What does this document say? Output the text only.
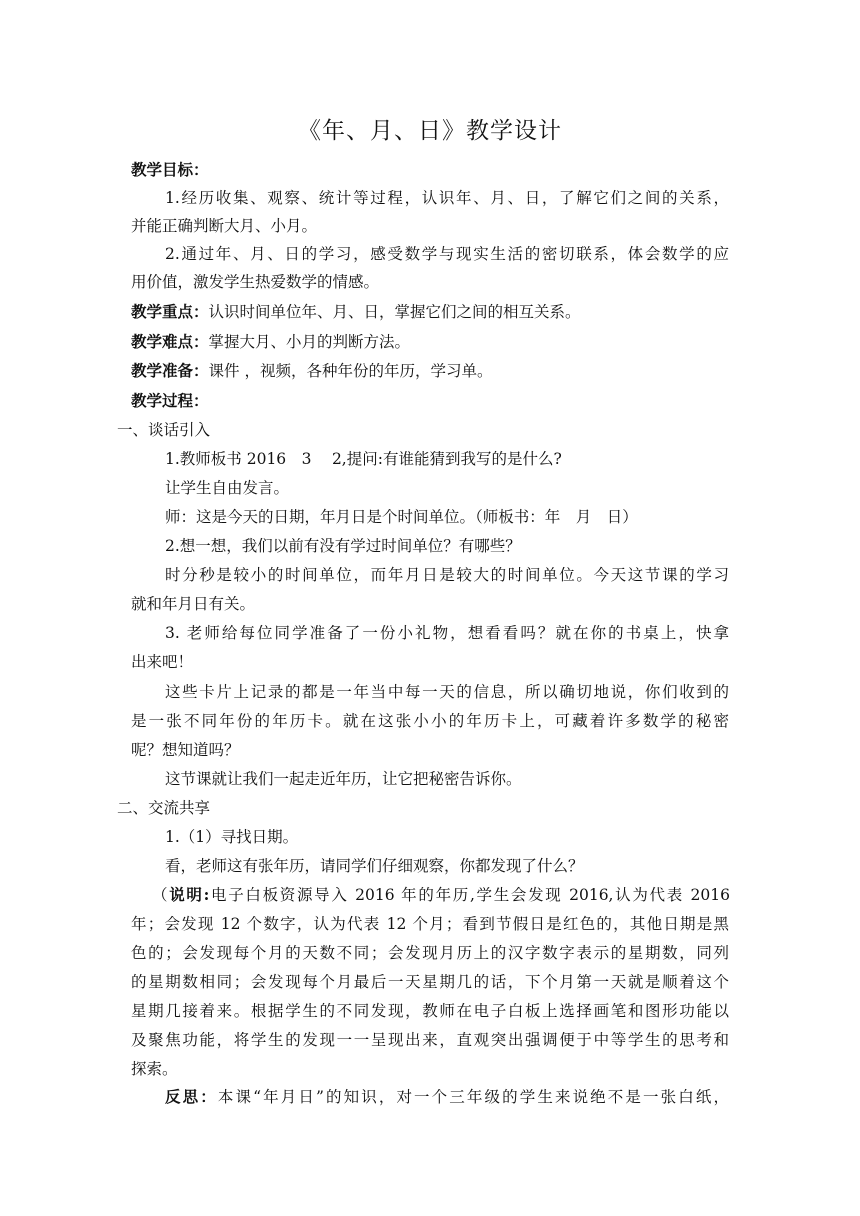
《年、月、日》教学设计
教学目标：
1.经历收集、观察、统计等过程，认识年、月、日，了解它们之间的关系，
并能正确判断大月、小月。
2.通过年、月、日的学习，感受数学与现实生活的密切联系，体会数学的应
用价值，激发学生热爱数学的情感。
教学重点：认识时间单位年、月、日，掌握它们之间的相互关系。
教学难点：掌握大月、小月的判断方法。
教学准备：课件 ，视频，各种年份的年历，学习单。
教学过程：
一、谈话引入
1.教师板书 2016　3　 2,提问:有谁能猜到我写的是什么?
让学生自由发言。
师：这是今天的日期，年月日是个时间单位。（师板书：年　月　日）
2.想一想，我们以前有没有学过时间单位？有哪些？
时分秒是较小的时间单位，而年月日是较大的时间单位。今天这节课的学习
就和年月日有关。
3. 老师给每位同学准备了一份小礼物，想看看吗？就在你的书桌上，快拿
出来吧！
这些卡片上记录的都是一年当中每一天的信息，所以确切地说，你们收到的
是一张不同年份的年历卡。就在这张小小的年历卡上，可藏着许多数学的秘密
呢？想知道吗？
这节课就让我们一起走近年历，让它把秘密告诉你。
二、交流共享
1.（1）寻找日期。
看，老师这有张年历，请同学们仔细观察，你都发现了什么？
（说明:电子白板资源导入 2016 年的年历,学生会发现 2016,认为代表 2016
年；会发现 12 个数字，认为代表 12 个月；看到节假日是红色的，其他日期是黑
色的；会发现每个月的天数不同；会发现月历上的汉字数字表示的星期数，同列
的星期数相同；会发现每个月最后一天星期几的话，下个月第一天就是顺着这个
星期几接着来。根据学生的不同发现，教师在电子白板上选择画笔和图形功能以
及聚焦功能，将学生的发现一一呈现出来，直观突出强调便于中等学生的思考和
探索。
反思：本课“年月日”的知识，对一个三年级的学生来说绝不是一张白纸，
